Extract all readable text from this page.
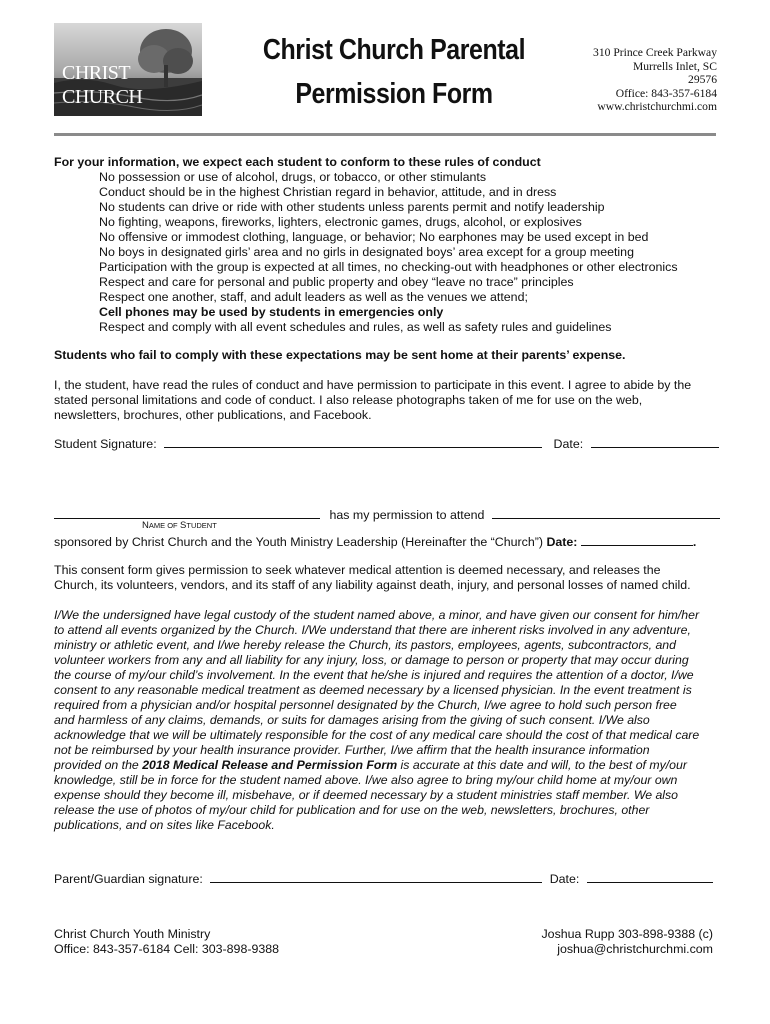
CHRIST
CHURCH
Christ Church Parental
Permission Form
310 Prince Creek Parkway
Murrells Inlet, SC
29576
Office: 843-357-6184
www.christchurchmi.com
For your information, we expect each student to conform to these rules of conduct
No possession or use of alcohol, drugs, or tobacco, or other stimulants
Conduct should be in the highest Christian regard in behavior, attitude, and in dress
No students can drive or ride with other students unless parents permit and notify leadership
No fighting, weapons, fireworks, lighters, electronic games, drugs, alcohol, or explosives
No offensive or immodest clothing, language, or behavior; No earphones may be used except in bed
No boys in designated girls’ area and no girls in designated boys’ area except for a group meeting
Participation with the group is expected at all times, no checking-out with headphones or other electronics
Respect and care for personal and public property and obey “leave no trace” principles
Respect one another, staff, and adult leaders as well as the venues we attend;
Cell phones may be used by students in emergencies only
Respect and comply with all event schedules and rules, as well as safety rules and guidelines
Students who fail to comply with these expectations may be sent home at their parents’ expense.
I, the student, have read the rules of conduct and have permission to participate in this event. I agree to abide by the
stated personal limitations and code of conduct. I also release photographs taken of me for use on the web,
newsletters, brochures, other publications, and Facebook.
Student Signature:	Date:
has my permission to attend
NAME OF STUDENT
sponsored by Christ Church and the Youth Ministry Leadership (Hereinafter the “Church”) Date:	.
This consent form gives permission to seek whatever medical attention is deemed necessary, and releases the
Church, its volunteers, vendors, and its staff of any liability against death, injury, and personal losses of named child.
I/We the undersigned have legal custody of the student named above, a minor, and have given our consent for him/her
to attend all events organized by the Church. I/We understand that there are inherent risks involved in any adventure,
ministry or athletic event, and I/we hereby release the Church, its pastors, employees, agents, subcontractors, and
volunteer workers from any and all liability for any injury, loss, or damage to person or property that may occur during
the course of my/our child’s involvement. In the event that he/she is injured and requires the attention of a doctor, I/we
consent to any reasonable medical treatment as deemed necessary by a licensed physician. In the event treatment is
required from a physician and/or hospital personnel designated by the Church, I/we agree to hold such person free
and harmless of any claims, demands, or suits for damages arising from the giving of such consent. I/We also
acknowledge that we will be ultimately responsible for the cost of any medical care should the cost of that medical care
not be reimbursed by your health insurance provider. Further, I/we affirm that the health insurance information
provided on the 2018 Medical Release and Permission Form is accurate at this date and will, to the best of my/our
knowledge, still be in force for the student named above. I/we also agree to bring my/our child home at my/our own
expense should they become ill, misbehave, or if deemed necessary by a student ministries staff member. We also
release the use of photos of my/our child for publication and for use on the web, newsletters, brochures, other
publications, and on sites like Facebook.
Parent/Guardian signature:	Date:
Christ Church Youth Ministry
Office: 843-357-6184 Cell: 303-898-9388
Joshua Rupp 303-898-9388 (c)
joshua@christchurchmi.com
